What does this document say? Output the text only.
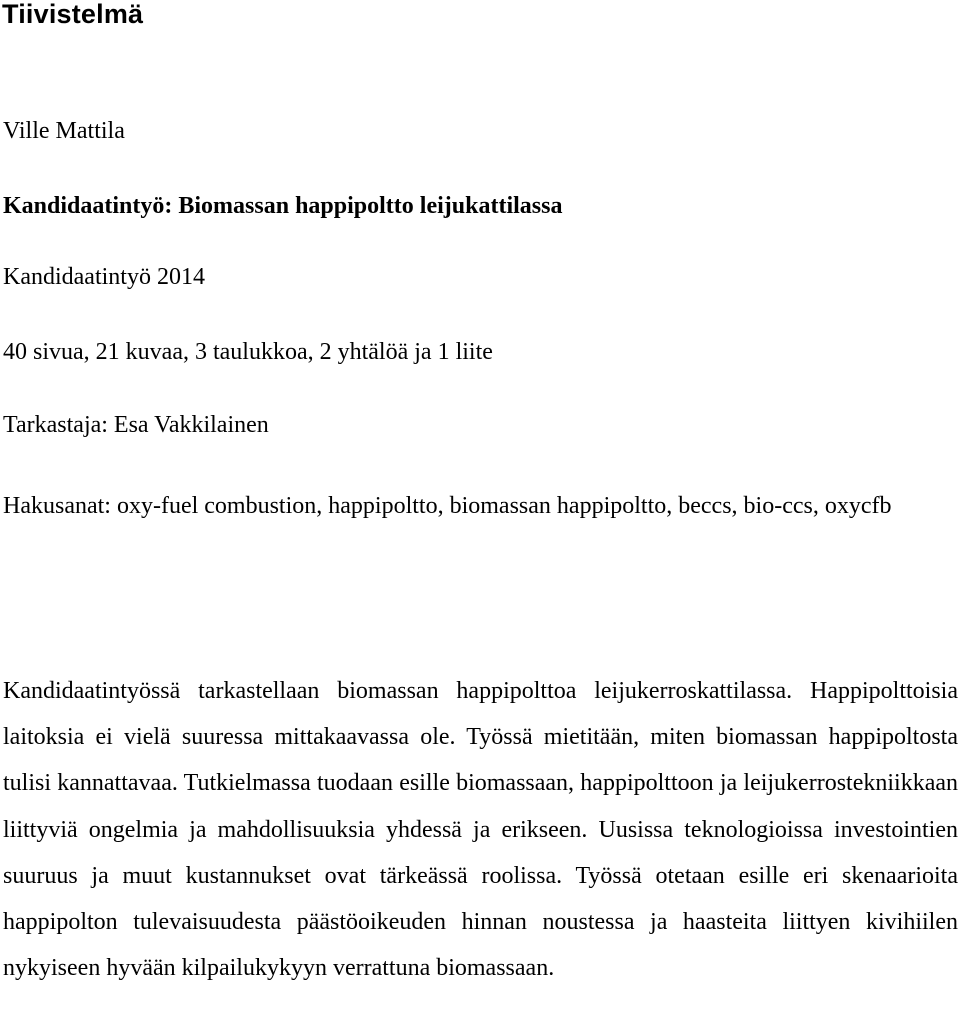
Tiivistelmä

Ville Mattila

Kandidaatintyö: Biomassan happipoltto leijukattilassa

Kandidaatintyö 2014

40 sivua, 21 kuvaa, 3 taulukkoa, 2 yhtälöä ja 1 liite

Tarkastaja: Esa Vakkilainen

Hakusanat: oxy-fuel combustion, happipoltto, biomassan happipoltto, beccs, bio-ccs, oxycfb

Kandidaatintyössä tarkastellaan biomassan happipolttoa leijukerroskattilassa. Happipolttoisia laitoksia ei vielä suuressa mittakaavassa ole. Työssä mietitään, miten biomassan happipoltosta tulisi kannattavaa. Tutkielmassa tuodaan esille biomassaan, happipolttoon ja leijukerrostekniikkaan liittyviä ongelmia ja mahdollisuuksia yhdessä ja erikseen. Uusissa teknologioissa investointien suuruus ja muut kustannukset ovat tärkeässä roolissa. Työssä otetaan esille eri skenaarioita happipolton tulevaisuudesta päästöoikeuden hinnan noustessa ja haasteita liittyen kivihiilen nykyiseen hyvään kilpailukykyyn verrattuna biomassaan.
